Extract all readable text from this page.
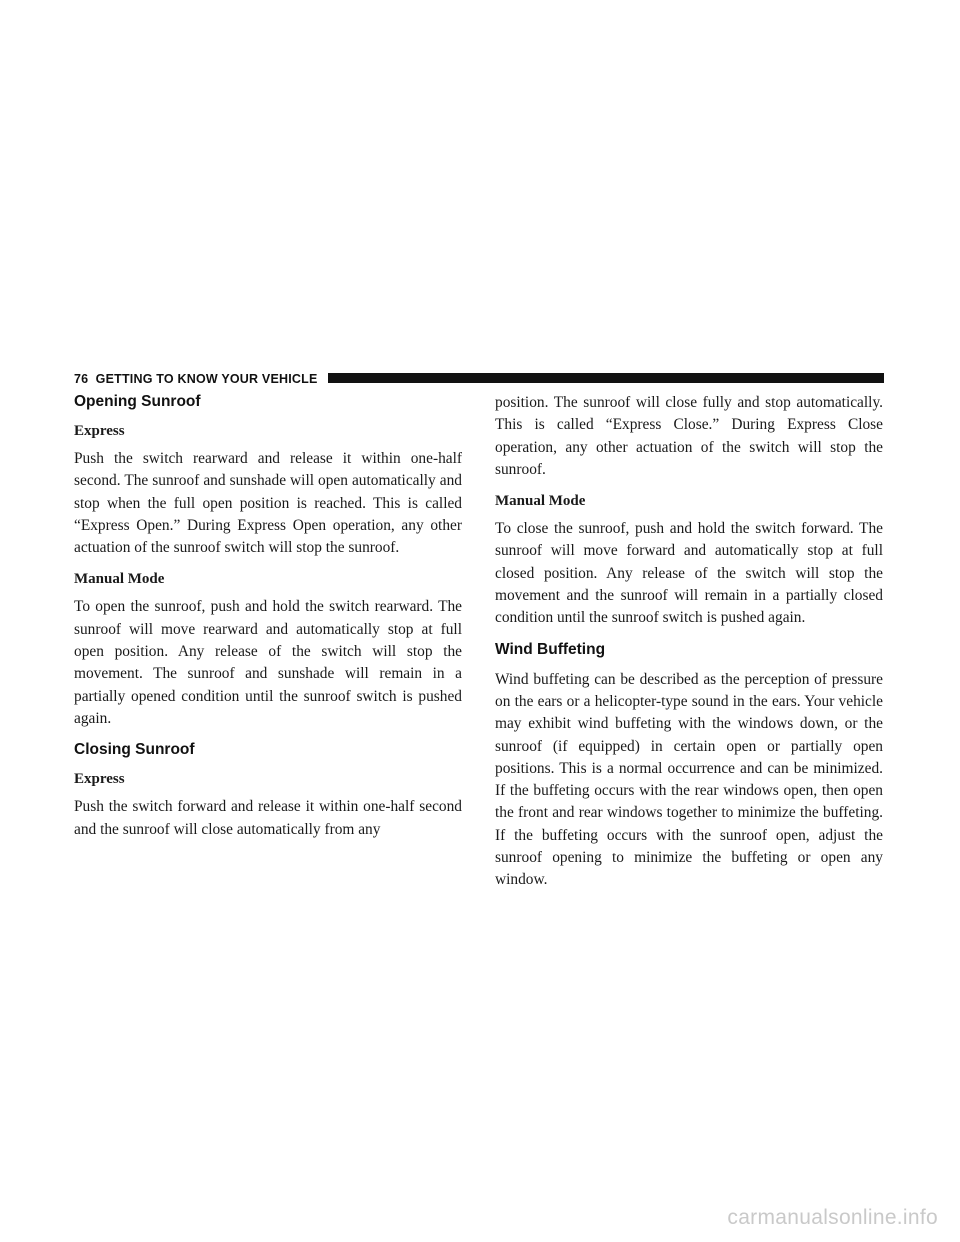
76 GETTING TO KNOW YOUR VEHICLE
Opening Sunroof
Express

Push the switch rearward and release it within one-half second. The sunroof and sunshade will open automatically and stop when the full open position is reached. This is called “Express Open.” During Express Open operation, any other actuation of the sunroof switch will stop the sunroof.

Manual Mode

To open the sunroof, push and hold the switch rearward. The sunroof will move rearward and automatically stop at full open position. Any release of the switch will stop the movement. The sunroof and sunshade will remain in a partially opened condition until the sunroof switch is pushed again.

Closing Sunroof
Express

Push the switch forward and release it within one-half second and the sunroof will close automatically from any

position. The sunroof will close fully and stop automatically. This is called “Express Close.” During Express Close operation, any other actuation of the switch will stop the sunroof.

Manual Mode

To close the sunroof, push and hold the switch forward. The sunroof will move forward and automatically stop at full closed position. Any release of the switch will stop the movement and the sunroof will remain in a partially closed condition until the sunroof switch is pushed again.

Wind Buffeting

Wind buffeting can be described as the perception of pressure on the ears or a helicopter-type sound in the ears. Your vehicle may exhibit wind buffeting with the windows down, or the sunroof (if equipped) in certain open or partially open positions. This is a normal occurrence and can be minimized. If the buffeting occurs with the rear windows open, then open the front and rear windows together to minimize the buffeting. If the buffeting occurs with the sunroof open, adjust the sunroof opening to minimize the buffeting or open any window.

carmanualsonline.info
